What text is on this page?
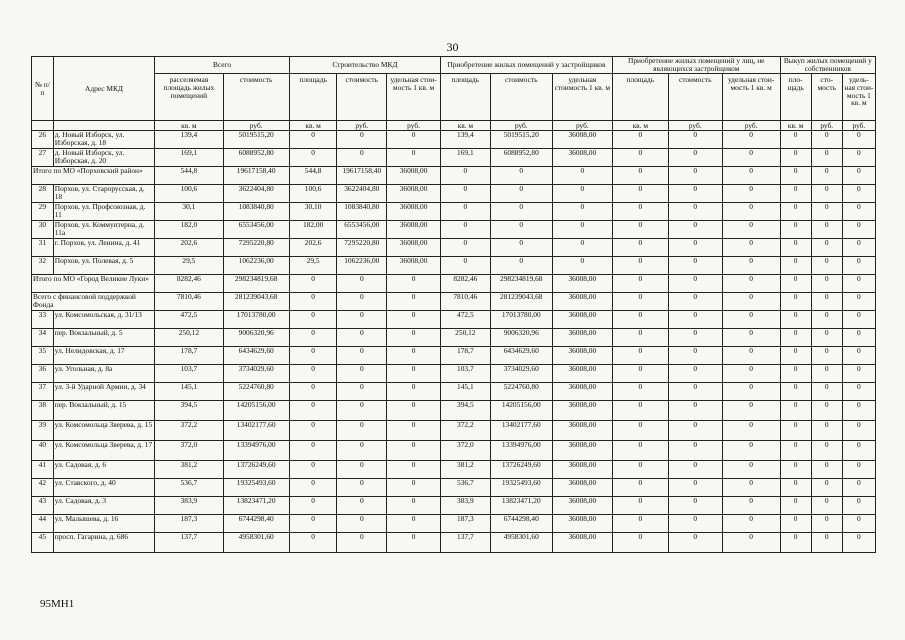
30
№ п/п	Адрес МКД	Всего		Строительство МКД			Приобретение жилых помещений у застройщиков			Приобретение жилых помещений у лиц, не являющихся застройщиком			Выкуп жилых помещений у собственников		
		расселяемая площадь жилых помещений	стоимость	площадь	стоимость	удельная стои-мость 1 кв. м	площадь	стоимость	удельная стоимость 1 кв. м	площадь	стоимость	удельная стои-мость 1 кв. м	пло-щадь	сто-мость	удель-ная стои-мость 1 кв. м
		кв. м	руб.	кв. м	руб.	руб.	кв. м	руб.	руб.	кв. м	руб.	руб.	кв. м	руб.	руб.
26	д. Новый Изборск, ул. Изборская, д. 18	139,4	5019515,20	0	0	0	139,4	5019515,20	36008,00	0	0	0	0	0	0
27	д. Новый Изборск, ул. Изборская, д. 20	169,1	6088952,80	0	0	0	169,1	6088952,80	36008,00	0	0	0	0	0	0
Итого по МО «Порховский район»		544,8	19617158,40	544,8	19617158,40	36008,00	0	0	0	0	0	0	0	0	0
28	Порхов, ул. Старорусская, д. 18	100,6	3622404,80	100,6	3622404,80	36008,00	0	0	0	0	0	0	0	0	0
29	Порхов, ул. Профсоюзная, д. 11	30,1	1083840,80	30,10	1083840,80	36008,00	0	0	0	0	0	0	0	0	0
30	Порхов, ул. Коммунтерна, д. 11а	182,0	6553456,00	182,00	6553456,00	36008,00	0	0	0	0	0	0	0	0	0
31	г. Порхов, ул. Ленина, д. 41	202,6	7295220,80	202,6	7295220,80	36008,00	0	0	0	0	0	0	0	0	0
32	Порхов, ул. Полевая, д. 5	29,5	1062236,00	29,5	1062236,00	36008,00	0	0	0	0	0	0	0	0	0
Итого по МО «Город Великие Луки»		8282,46	298234819,68	0	0	0	8282,46	298234819,68	36008,00	0	0	0	0	0	0
Всего с финансовой поддержкой Фонда		7810,46	281239043,68	0	0	0	7810,46	281239043,68	36008,00	0	0	0	0	0	0
33	ул. Комсомольская, д. 31/13	472,5	17013780,00	0	0	0	472,5	17013780,00	36008,00	0	0	0	0	0	0
34	пер. Вокзальный, д. 5	250,12	9006320,96	0	0	0	250,12	9006320,96	36008,00	0	0	0	0	0	0
35	ул. Нелидовская, д. 17	178,7	6434629,60	0	0	0	178,7	6434629,60	36008,00	0	0	0	0	0	0
36	ул. Угольная, д. 8а	103,7	3734029,60	0	0	0	103,7	3734029,60	36008,00	0	0	0	0	0	0
37	ул. 3-й Ударной Армии, д. 34	145,1	5224760,80	0	0	0	145,1	5224760,80	36008,00	0	0	0	0	0	0
38	пер. Вокзальный, д. 15	394,5	14205156,00	0	0	0	394,5	14205156,00	36008,00	0	0	0	0	0	0
39	ул. Комсомольца Зверева, д. 15	372,2	13402177,60	0	0	0	372,2	13402177,60	36008,00	0	0	0	0	0	0
40	ул. Комсомольца Зверева, д. 17	372,0	13394976,00	0	0	0	372,0	13394976,00	36008,00	0	0	0	0	0	0
41	ул. Садовая, д. 6	381,2	13726249,60	0	0	0	381,2	13726249,60	36008,00	0	0	0	0	0	0
42	ул. Ставского, д. 40	536,7	19325493,60	0	0	0	536,7	19325493,60	36008,00	0	0	0	0	0	0
43	ул. Садовая, д. 3	383,9	13823471,20	0	0	0	383,9	13823471,20	36008,00	0	0	0	0	0	0
44	ул. Малышева, д. 16	187,3	6744298,40	0	0	0	187,3	6744298,40	36008,00	0	0	0	0	0	0
45	просп. Гагарина, д. 686	137,7	4958301,60	0	0	0	137,7	4958301,60	36008,00	0	0	0	0	0	0
95МН1
